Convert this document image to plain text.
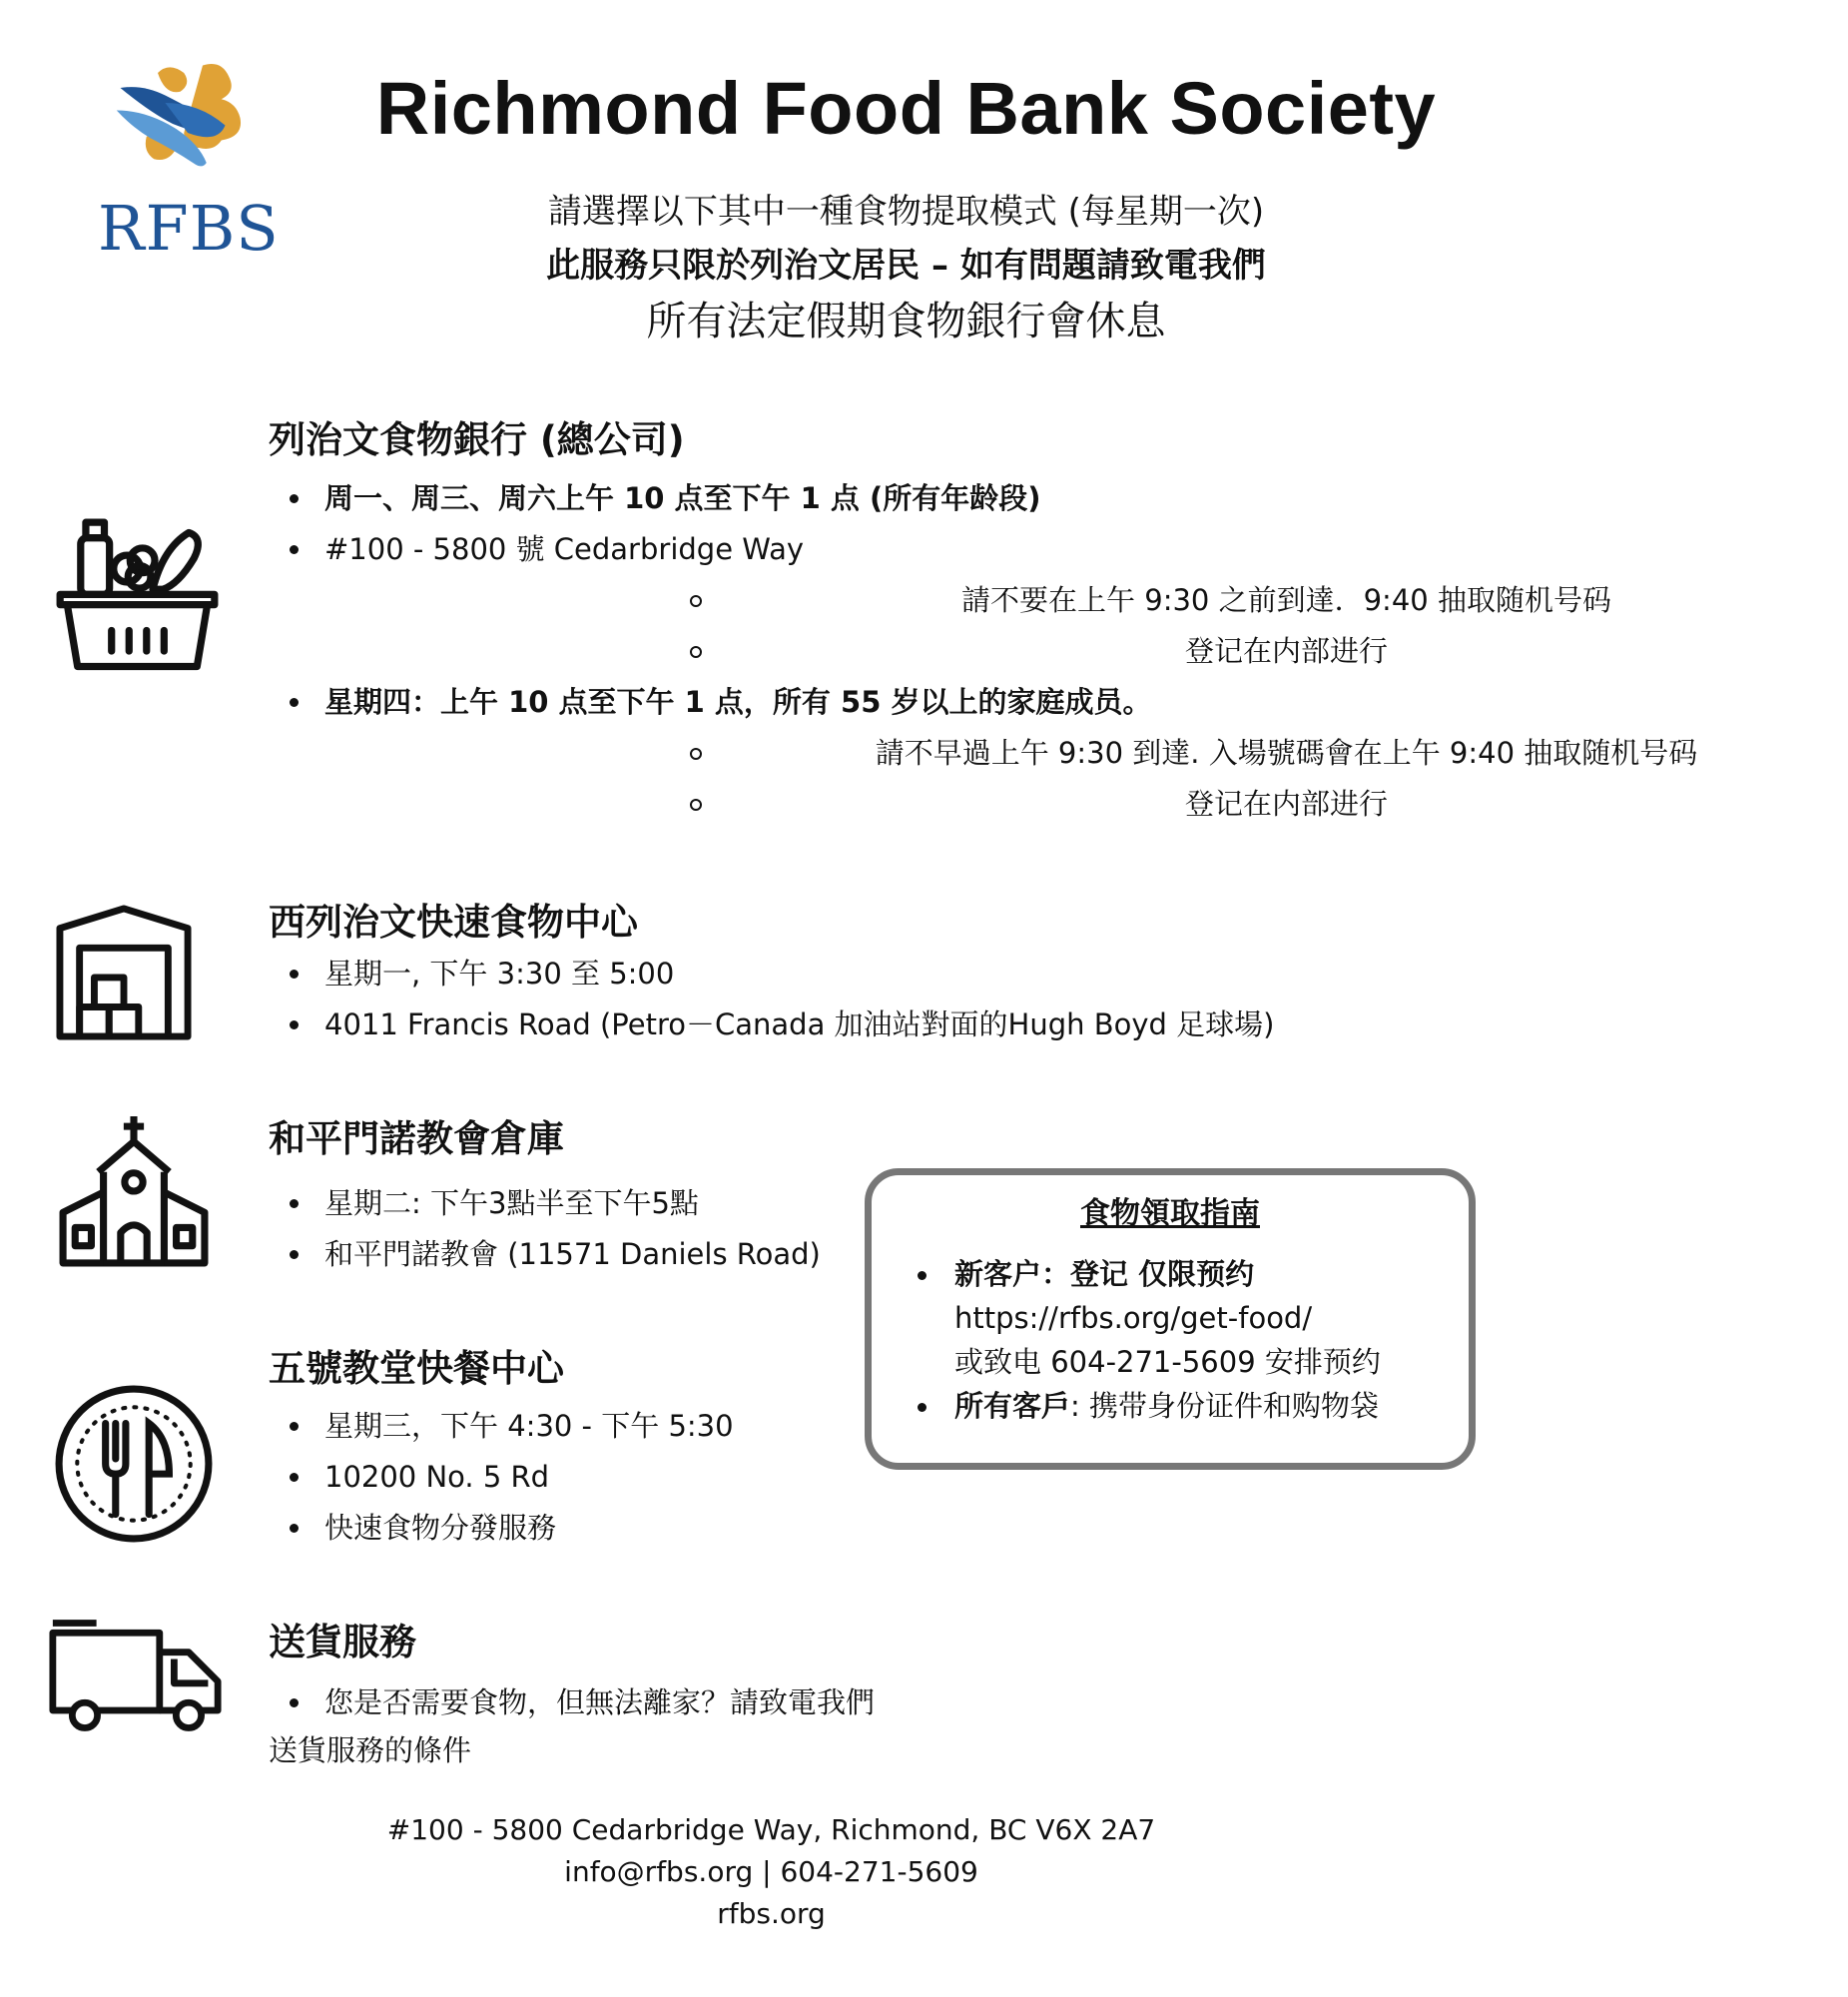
RFBS
Richmond Food Bank Society
請選擇以下其中一種食物提取模式 (每星期一次)
此服務只限於列治文居民 – 如有問題請致電我們
所有法定假期食物銀行會休息
列治文食物銀行 (總公司)
周一、周三、周六上午 10 点至下午 1 点 (所有年龄段)
#100 - 5800 號 Cedarbridge Way
請不要在上午 9:30 之前到達．9:40 抽取随机号码
登记在内部进行
星期四：上午 10 点至下午 1 点，所有 55 岁以上的家庭成员。
請不早過上午 9:30 到達. 入場號碼會在上午 9:40 抽取随机号码
登记在内部进行
西列治文快速食物中心
星期一, 下午 3:30 至 5:00
4011 Francis Road (Petro－Canada 加油站對面的Hugh Boyd 足球場)
和平門諾教會倉庫
星期二: 下午3點半至下午5點
和平門諾教會 (11571 Daniels Road)
五號教堂快餐中心
星期三，下午 4:30 - 下午 5:30
10200 No. 5 Rd
快速食物分發服務
食物領取指南
新客户：登记 仅限预约
https://rfbs.org/get-food/
或致电 604-271-5609 安排预约
所有客戶: 携带身份证件和购物袋
送貨服務
您是否需要食物，但無法離家？請致電我們
送貨服務的條件
#100 - 5800 Cedarbridge Way, Richmond, BC V6X 2A7
info@rfbs.org | 604-271-5609
rfbs.org
